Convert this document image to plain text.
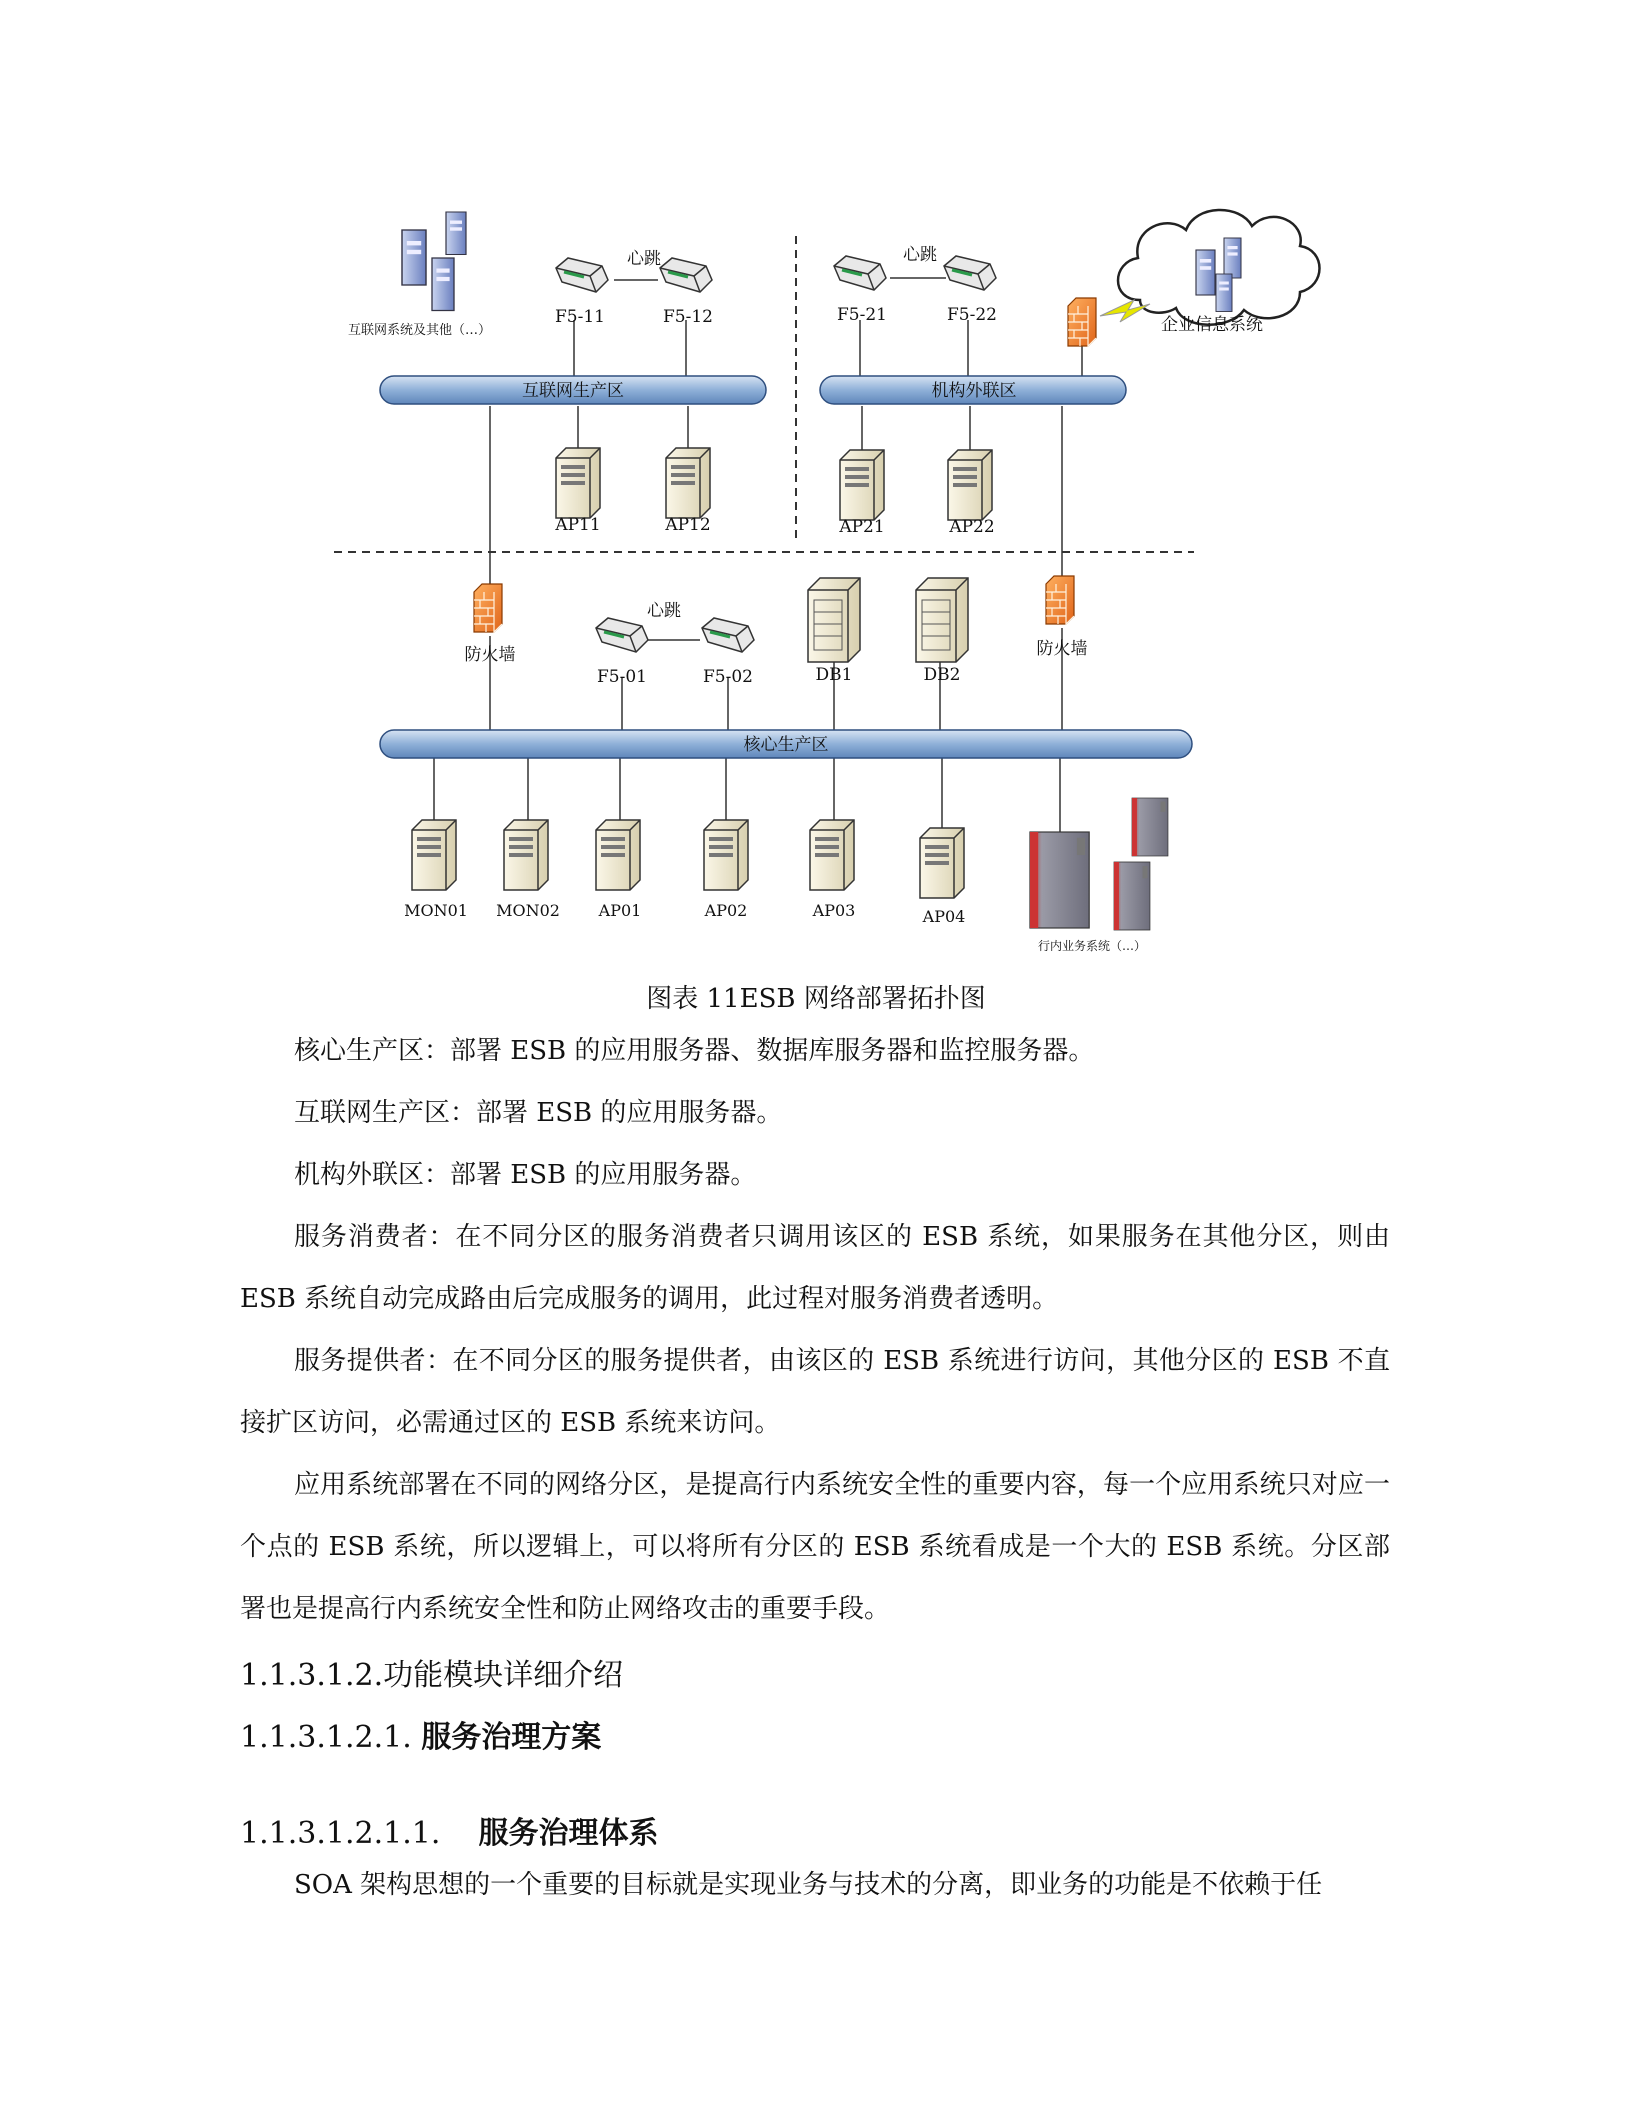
互联网生产区	机构外联区
核心生产区
互联网系统及其他（…）
心跳
F5-11	F5-12
心跳
F5-21	F5-22	企业信息系统
AP11	AP12	AP21	AP22
防火墙	防火墙
心跳
F5-01	F5-02	DB1	DB2
MON01 MON02 AP01	AP02	AP03	AP04
行内业务系统（…）
图表 11ESB 网络部署拓扑图

核心生产区：部署 ESB 的应用服务器、数据库服务器和监控服务器。

互联网生产区：部署 ESB 的应用服务器。

机构外联区：部署 ESB 的应用服务器。

服务消费者：在不同分区的服务消费者只调用该区的 ESB 系统，如果服务在其他分区，则由 ESB 系统自动完成路由后完成服务的调用，此过程对服务消费者透明。

服务提供者：在不同分区的服务提供者，由该区的 ESB 系统进行访问，其他分区的 ESB 不直接扩区访问，必需通过区的 ESB 系统来访问。

应用系统部署在不同的网络分区，是提高行内系统安全性的重要内容，每一个应用系统只对应一个点的 ESB 系统，所以逻辑上，可以将所有分区的 ESB 系统看成是一个大的 ESB 系统。分区部署也是提高行内系统安全性和防止网络攻击的重要手段。

1.1.3.1.2.功能模块详细介绍
1.1.3.1.2.1. 服务治理方案
1.1.3.1.2.1.1. 服务治理体系

SOA 架构思想的一个重要的目标就是实现业务与技术的分离，即业务的功能是不依赖于任
